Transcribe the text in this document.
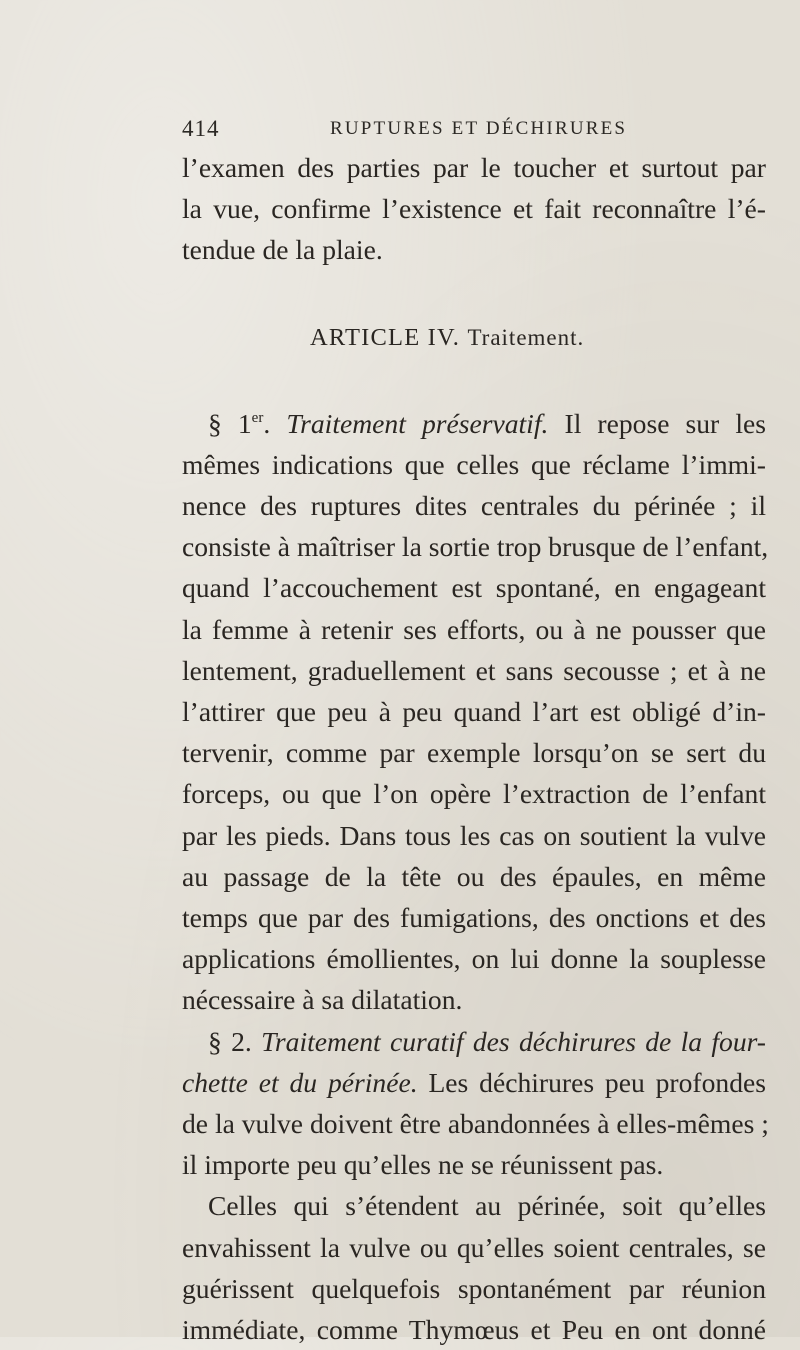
414	RUPTURES ET DÉCHIRURES

l’examen des parties par le toucher et surtout par
la vue, confirme l’existence et fait reconnaître l’é-
tendue de la plaie.

ARTICLE IV. Traitement.

§ 1er. Traitement préservatif. Il repose sur les
mêmes indications que celles que réclame l’immi-
nence des ruptures dites centrales du périnée ; il
consiste à maîtriser la sortie trop brusque de l’enfant,
quand l’accouchement est spontané, en engageant
la femme à retenir ses efforts, ou à ne pousser que
lentement, graduellement et sans secousse ; et à ne
l’attirer que peu à peu quand l’art est obligé d’in-
tervenir, comme par exemple lorsqu’on se sert du
forceps, ou que l’on opère l’extraction de l’enfant
par les pieds. Dans tous les cas on soutient la vulve
au passage de la tête ou des épaules, en même
temps que par des fumigations, des onctions et des
applications émollientes, on lui donne la souplesse
nécessaire à sa dilatation.

§ 2. Traitement curatif des déchirures de la four-
chette et du périnée. Les déchirures peu profondes
de la vulve doivent être abandonnées à elles-mêmes ;
il importe peu qu’elles ne se réunissent pas.

Celles qui s’étendent au périnée, soit qu’elles
envahissent la vulve ou qu’elles soient centrales, se
guérissent quelquefois spontanément par réunion
immédiate, comme Thymœus et Peu en ont donné
